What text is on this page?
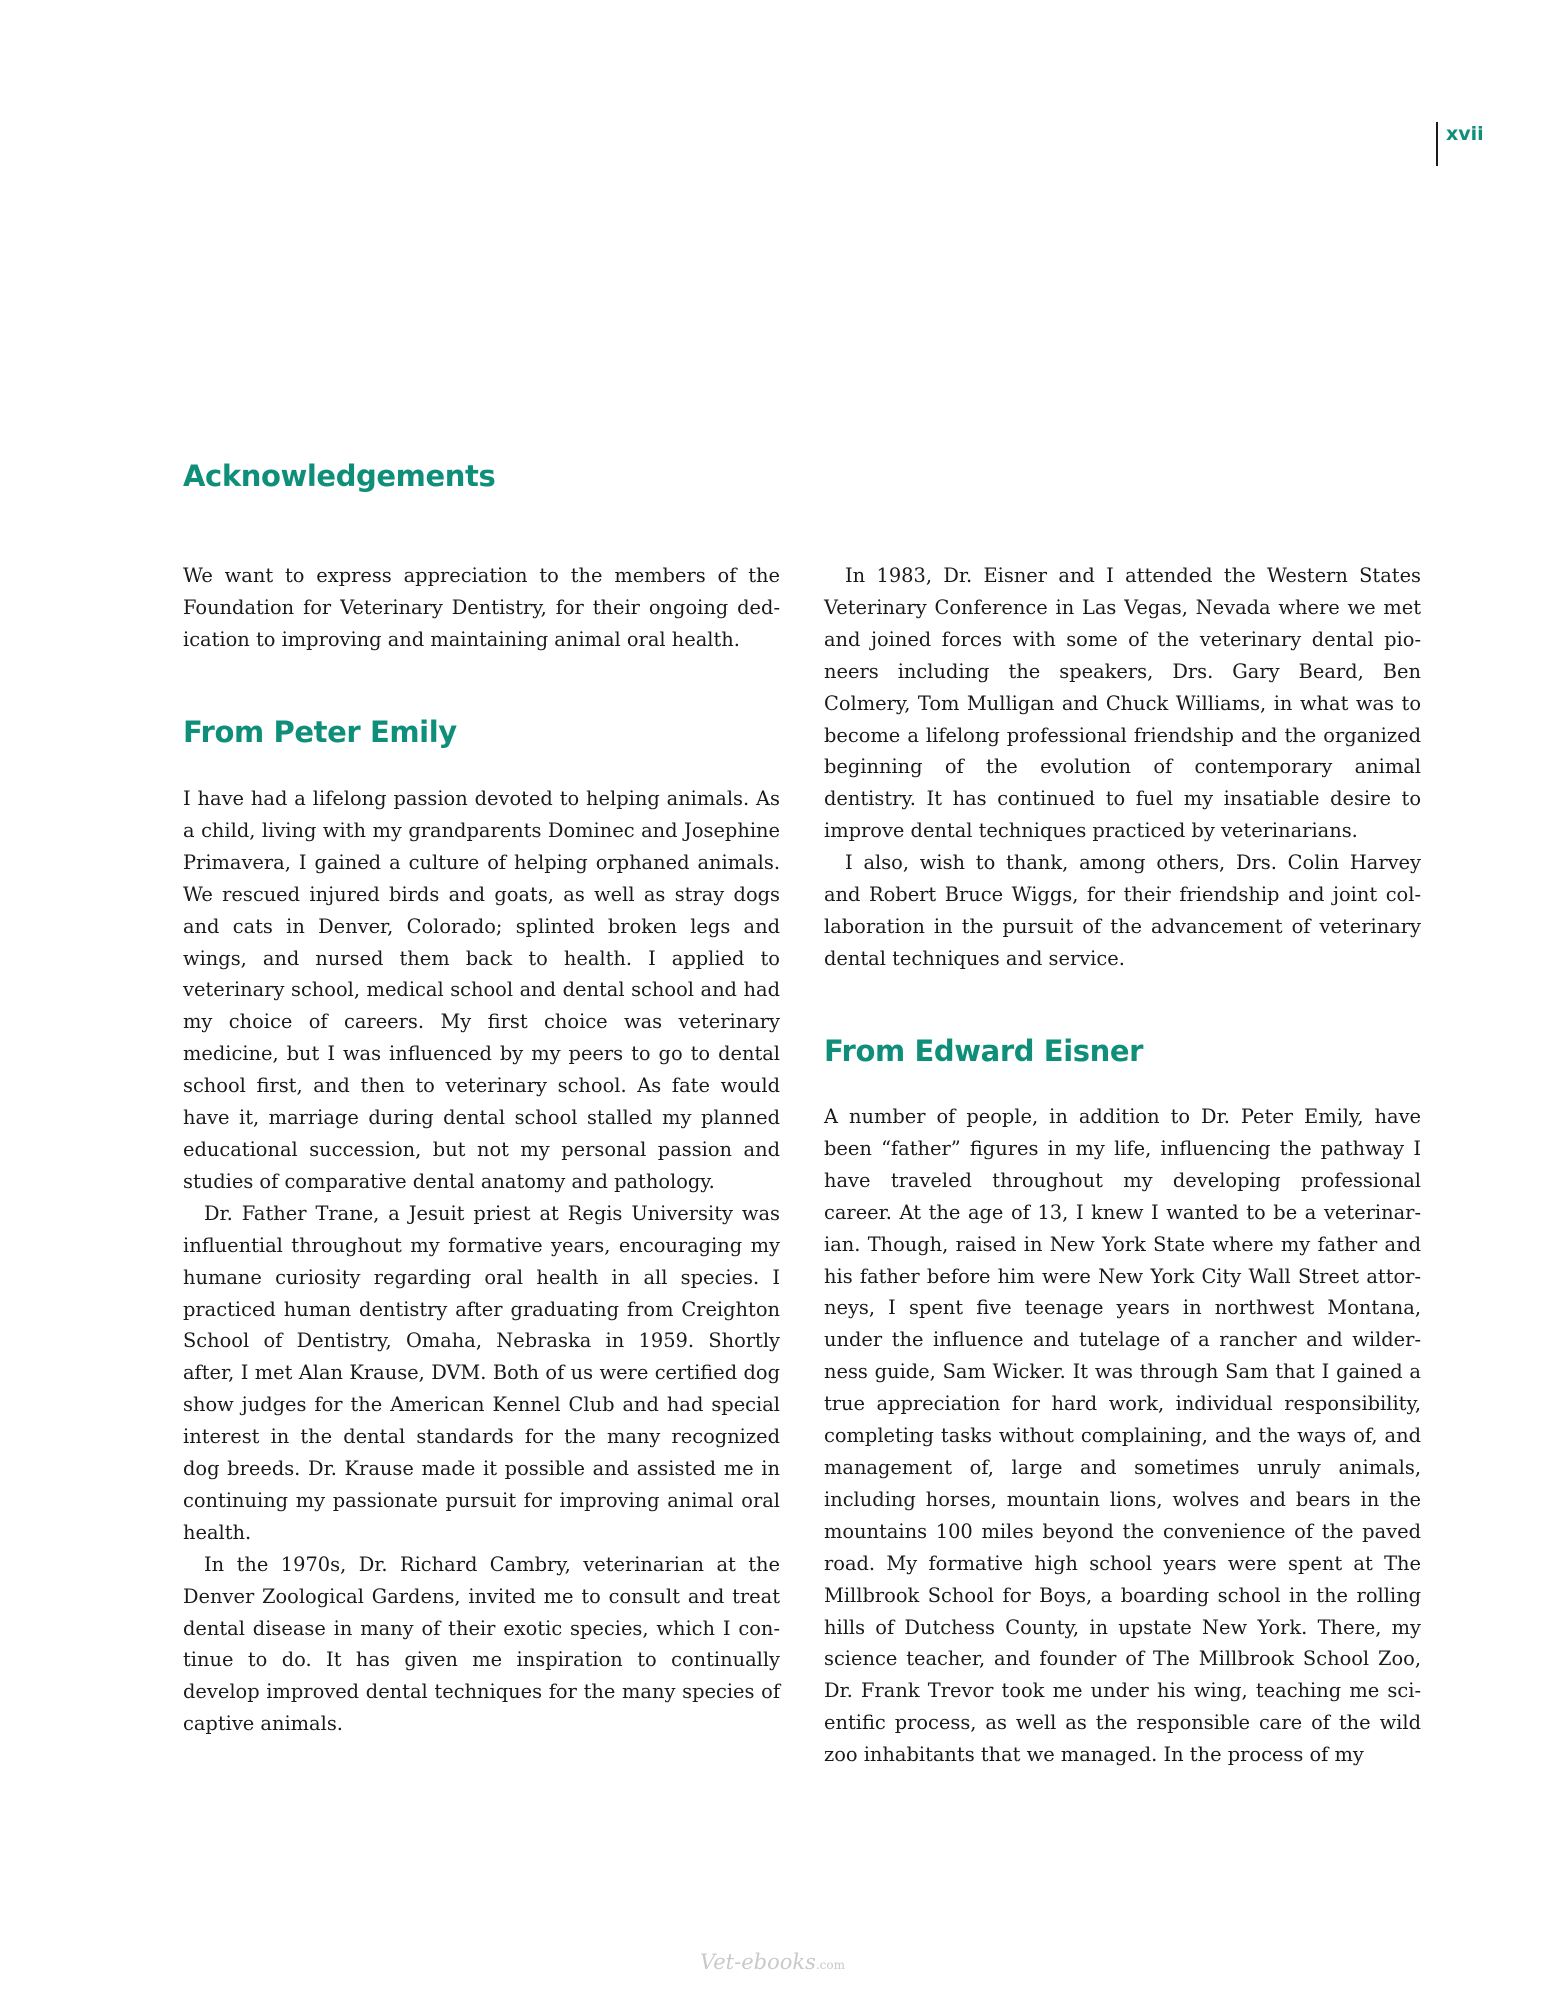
xvii
Acknowledgements

We want to express appreciation to the members of the Foundation for Veterinary Dentistry, for their ongoing dedication to improving and maintaining animal oral health.

From Peter Emily

I have had a lifelong passion devoted to helping animals. As a child, living with my grandparents Dominec and Josephine Primavera, I gained a culture of helping orphaned animals. We rescued injured birds and goats, as well as stray dogs and cats in Denver, Colorado; splinted broken legs and wings, and nursed them back to health. I applied to veterinary school, medical school and dental school and had my choice of careers. My first choice was veterinary medicine, but I was influenced by my peers to go to dental school first, and then to veterinary school. As fate would have it, marriage during dental school stalled my planned educational succession, but not my personal passion and studies of comparative dental anatomy and pathology.

Dr. Father Trane, a Jesuit priest at Regis University was influential throughout my formative years, encouraging my humane curiosity regarding oral health in all species. I practiced human dentistry after graduating from Creighton School of Dentistry, Omaha, Nebraska in 1959. Shortly after, I met Alan Krause, DVM. Both of us were certified dog show judges for the American Kennel Club and had special interest in the dental standards for the many recognized dog breeds. Dr. Krause made it possible and assisted me in continuing my passionate pursuit for improving animal oral health.

In the 1970s, Dr. Richard Cambry, veterinarian at the Denver Zoological Gardens, invited me to consult and treat dental disease in many of their exotic species, which I continue to do. It has given me inspiration to continually develop improved dental techniques for the many species of captive animals.

In 1983, Dr. Eisner and I attended the Western States Veterinary Conference in Las Vegas, Nevada where we met and joined forces with some of the veterinary dental pioneers including the speakers, Drs. Gary Beard, Ben Colmery, Tom Mulligan and Chuck Williams, in what was to become a lifelong professional friendship and the organized beginning of the evolution of contemporary animal dentistry. It has continued to fuel my insatiable desire to improve dental techniques practiced by veterinarians.

I also, wish to thank, among others, Drs. Colin Harvey and Robert Bruce Wiggs, for their friendship and joint collaboration in the pursuit of the advancement of veterinary dental techniques and service.

From Edward Eisner

A number of people, in addition to Dr. Peter Emily, have been “father” figures in my life, influencing the pathway I have traveled throughout my developing professional career. At the age of 13, I knew I wanted to be a veterinarian. Though, raised in New York State where my father and his father before him were New York City Wall Street attorneys, I spent five teenage years in northwest Montana, under the influence and tutelage of a rancher and wilderness guide, Sam Wicker. It was through Sam that I gained a true appreciation for hard work, individual responsibility, completing tasks without complaining, and the ways of, and management of, large and sometimes unruly animals, including horses, mountain lions, wolves and bears in the mountains 100 miles beyond the convenience of the paved road. My formative high school years were spent at The Millbrook School for Boys, a boarding school in the rolling hills of Dutchess County, in upstate New York. There, my science teacher, and founder of The Millbrook School Zoo, Dr. Frank Trevor took me under his wing, teaching me scientific process, as well as the responsible care of the wild zoo inhabitants that we managed. In the process of my

Vet-ebooks.com
